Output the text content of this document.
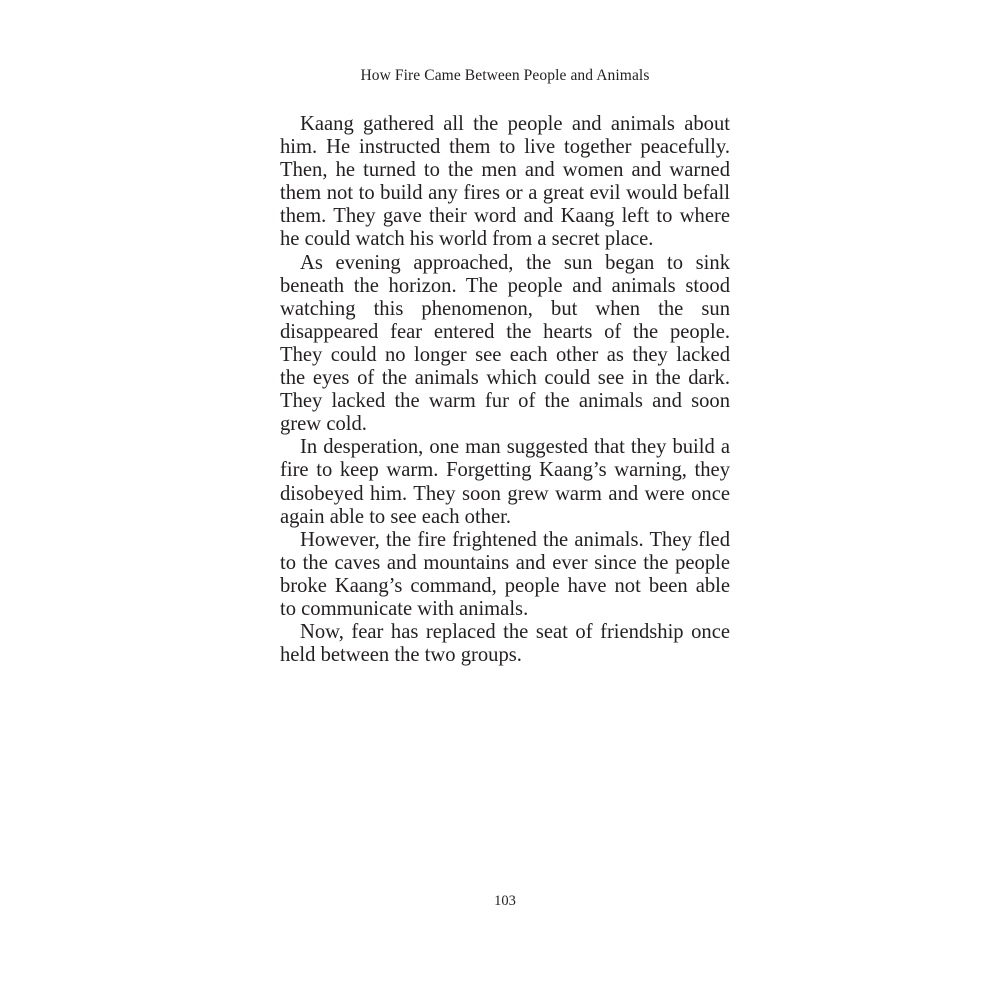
How Fire Came Between People and Animals

Kaang gathered all the people and animals about him. He instructed them to live together peacefully. Then, he turned to the men and women and warned them not to build any fires or a great evil would befall them. They gave their word and Kaang left to where he could watch his world from a secret place.

As evening approached, the sun began to sink beneath the horizon. The people and animals stood watching this phenomenon, but when the sun disappeared fear entered the hearts of the people. They could no longer see each other as they lacked the eyes of the animals which could see in the dark. They lacked the warm fur of the animals and soon grew cold.

In desperation, one man suggested that they build a fire to keep warm. Forgetting Kaang’s warning, they disobeyed him. They soon grew warm and were once again able to see each other.

However, the fire frightened the animals. They fled to the caves and mountains and ever since the people broke Kaang’s command, people have not been able to communicate with animals.

Now, fear has replaced the seat of friendship once held between the two groups.

103
